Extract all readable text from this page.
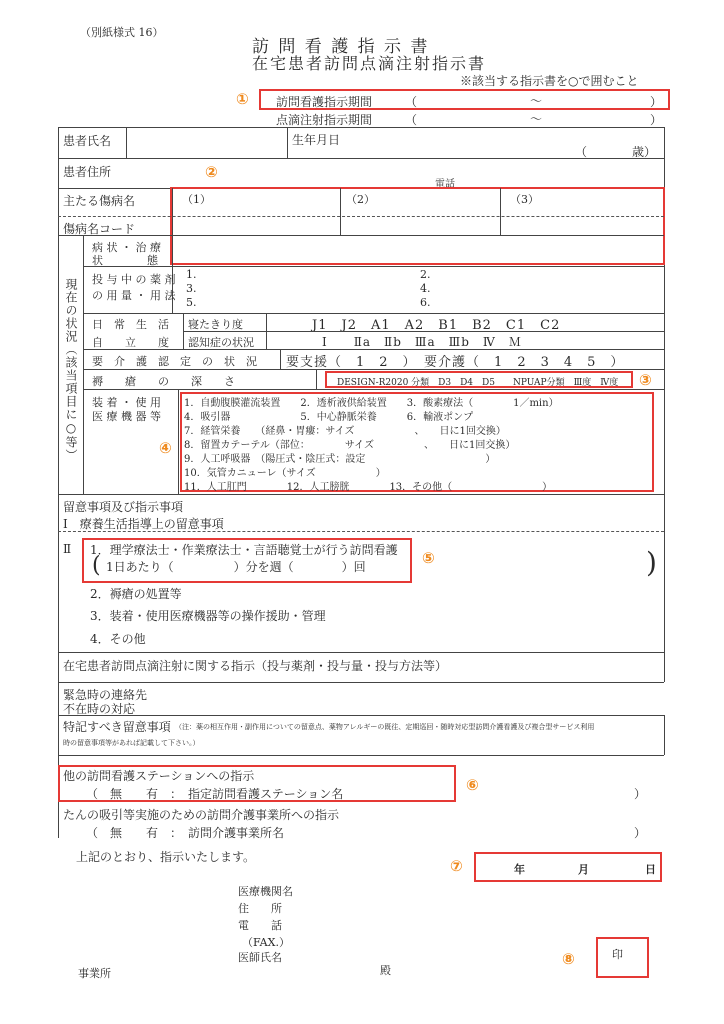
（別紙様式 16）
訪 問 看 護 指 示 書
在宅患者訪問点滴注射指示書
※該当する指示書を○で囲むこと
① 訪問看護指示期間	（	～	）
点滴注射指示期間	（	～	）
患者氏名	生年月日
（	歳）
患者住所
電話
②
主たる傷病名	（1）	（2）	（3）
傷病名コード
現在の状況（該当項目に○等）
病 状 ・ 治 療
状　　　　態
投 与 中 の 薬 剤
の 用 量 ・ 用 法
1.	2.
3.	4.
5.	6.
日　常　生　活
自　　立　　度
寝たきり度	J1　J2　A1　A2　B1　B2　C1　C2
認知症の状況	Ⅰ　　Ⅱa　Ⅱb　Ⅲa　Ⅲb　Ⅳ　Ｍ
要　介　護　認　定　の　状　況 要支援（　1　2　）　要介護（　1　2　3　4　5　）
褥　　瘡　　の　　深　　さ	③
DESIGN-R2020 分類　D3　D4　D5　　NPUAP分類　Ⅲ度　Ⅳ度
装 着 ・ 使 用
医 療 機 器 等
④
1．自動腹膜灌流装置　　2．透析液供給装置　　3．酸素療法（　　　　1／min）
4．吸引器　　　　　　　5．中心静脈栄養　　　6．輸液ポンプ
7．経管栄養　　（経鼻・胃瘻：サイズ　　　　　　、　　日に1回交換）
8．留置カテーテル（部位：　　　　サイズ　　　　　、　　日に1回交換）
9．人工呼吸器　（陽圧式・陰圧式：設定　　　　　　　　　　　　）
10．気管カニューレ（サイズ　　　　　　）
11．人工肛門　　　　12．人工膀胱　　　　13．その他（　　　　　　　　　）
留意事項及び指示事項
Ⅰ　療養生活指導上の留意事項
Ⅱ	⑤
1．理学療法士・作業療法士・言語聴覚士が行う訪問看護
( 1日あたり（　　　　　）分を週（　　　　）回	)
2．褥瘡の処置等
3．装着・使用医療機器等の操作援助・管理
4．その他
在宅患者訪問点滴注射に関する指示（投与薬剤・投与量・投与方法等）
緊急時の連絡先
不在時の対応
特記すべき留意事項 （注：薬の相互作用・副作用についての留意点、薬物アレルギーの既往、定期巡回・随時対応型訪問介護看護及び複合型サービス利用
時の留意事項等があれば記載して下さい。）
⑥
他の訪問看護ステーションへの指示
（　無　　有　：　指定訪問看護ステーション名	）
たんの吸引等実施のための訪問介護事業所への指示
（　無　　有　：　訪問介護事業所名	）
上記のとおり、指示いたします。	⑦	年	月	日
医療機関名
住　　所
電　　話
（FAX.）
医師氏名	⑧	印
事業所	殿
